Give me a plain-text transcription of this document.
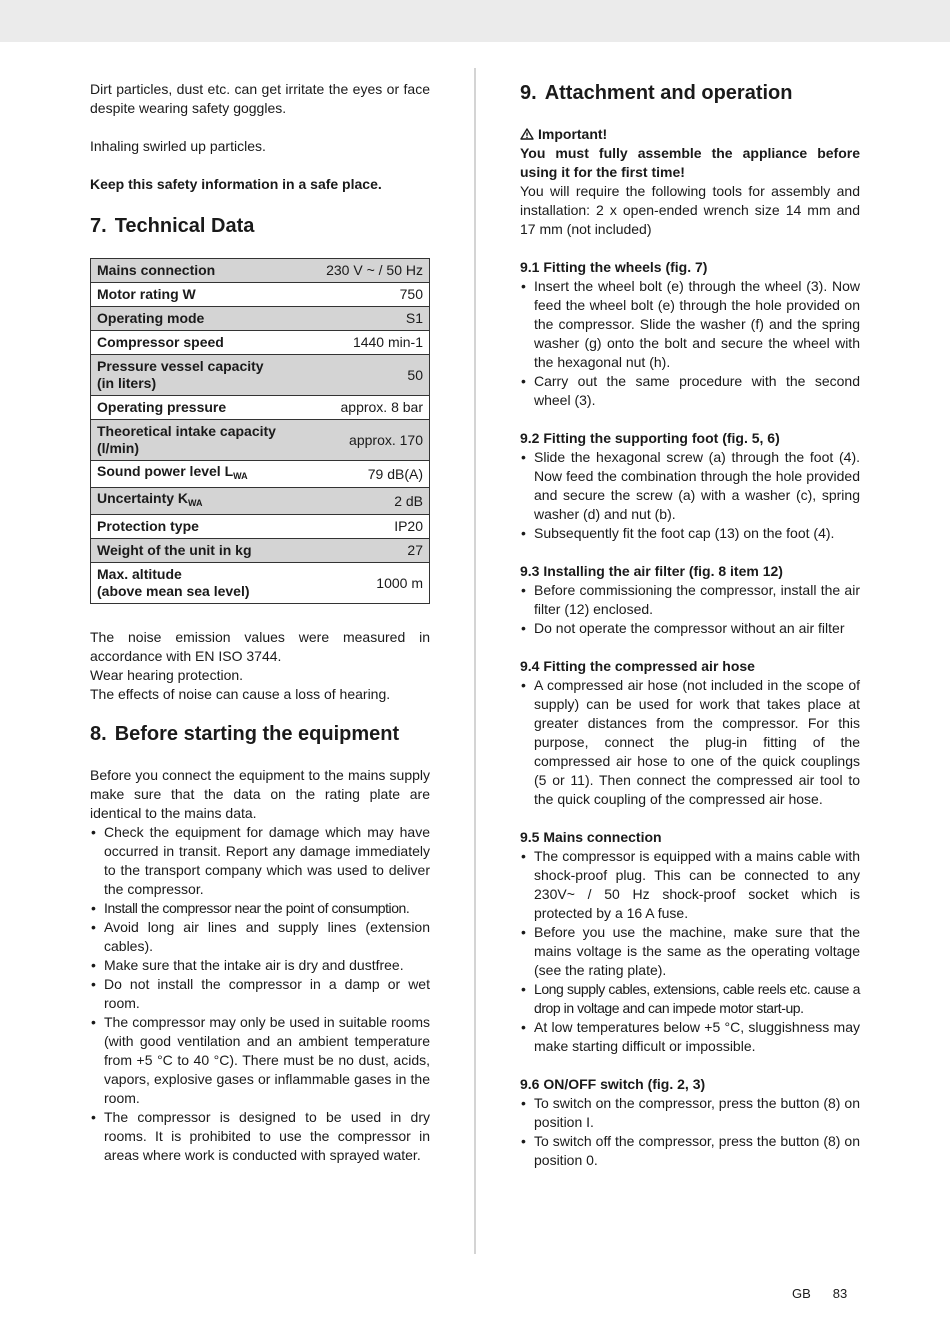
Dirt particles, dust etc. can get irritate the eyes or face despite wearing safety goggles.

Inhaling swirled up particles.

Keep this safety information in a safe place.

7. Technical Data
Mains connection	230 V ~ / 50 Hz
Motor rating W	750
Operating mode	S1
Compressor speed	1440 min-1
Pressure vessel capacity
(in liters)	50
Operating pressure	approx. 8 bar
Theoretical intake capacity
(l/min)	approx. 170
Sound power level $L_{WA}$	79 dB(A)
Uncertainty $K_{WA}$	2 dB
Protection type	IP20
Weight of the unit in kg	27
Max. altitude
(above mean sea level)	1000 m

The noise emission values were measured in accordance with EN ISO 3744.

Wear hearing protection.

The effects of noise can cause a loss of hearing.

8. Before starting the equipment

Before you connect the equipment to the mains supply make sure that the data on the rating plate are identical to the mains data.

• Check the equipment for damage which may have occurred in transit. Report any damage immediately to the transport company which was used to deliver the compressor.
• Install the compressor near the point of consumption.
• Avoid long air lines and supply lines (extension cables).
• Make sure that the intake air is dry and dustfree.
• Do not install the compressor in a damp or wet room.
• The compressor may only be used in suitable rooms (with good ventilation and an ambient temperature from +5 °C to 40 °C). There must be no dust, acids, vapors, explosive gases or inflammable gases in the room.
• The compressor is designed to be used in dry rooms. It is prohibited to use the compressor in areas where work is conducted with sprayed water.
9. Attachment and operation

Important!

You must fully assemble the appliance before using it for the first time!

You will require the following tools for assembly and installation: 2 x open-ended wrench size 14 mm and 17 mm (not included)

9.1 Fitting the wheels (fig. 7)
• Insert the wheel bolt (e) through the wheel (3). Now feed the wheel bolt (e) through the hole provided on the compressor. Slide the washer (f) and the spring washer (g) onto the bolt and secure the wheel with the hexagonal nut (h).
• Carry out the same procedure with the second wheel (3).
9.2 Fitting the supporting foot (fig. 5, 6)
• Slide the hexagonal screw (a) through the foot (4). Now feed the combination through the hole provided and secure the screw (a) with a washer (c), spring washer (d) and nut (b).
• Subsequently fit the foot cap (13) on the foot (4).
9.3 Installing the air filter (fig. 8 item 12)
• Before commissioning the compressor, install the air filter (12) enclosed.
• Do not operate the compressor without an air filter
9.4 Fitting the compressed air hose
• A compressed air hose (not included in the scope of supply) can be used for work that takes place at greater distances from the compressor. For this purpose, connect the plug-in fitting of the compressed air hose to one of the quick couplings (5 or 11). Then connect the compressed air tool to the quick coupling of the compressed air hose.
9.5 Mains connection
• The compressor is equipped with a mains cable with shock-proof plug. This can be connected to any 230V~ / 50 Hz shock-proof socket which is protected by a 16 A fuse.
• Before you use the machine, make sure that the mains voltage is the same as the operating voltage (see the rating plate).
• Long supply cables, extensions, cable reels etc. cause a drop in voltage and can impede motor start-up.
• At low temperatures below +5 °C, sluggishness may make starting difficult or impossible.
9.6 ON/OFF switch (fig. 2, 3)
• To switch on the compressor, press the button (8) on position I.
• To switch off the compressor, press the button (8) on position 0.
GB 83
